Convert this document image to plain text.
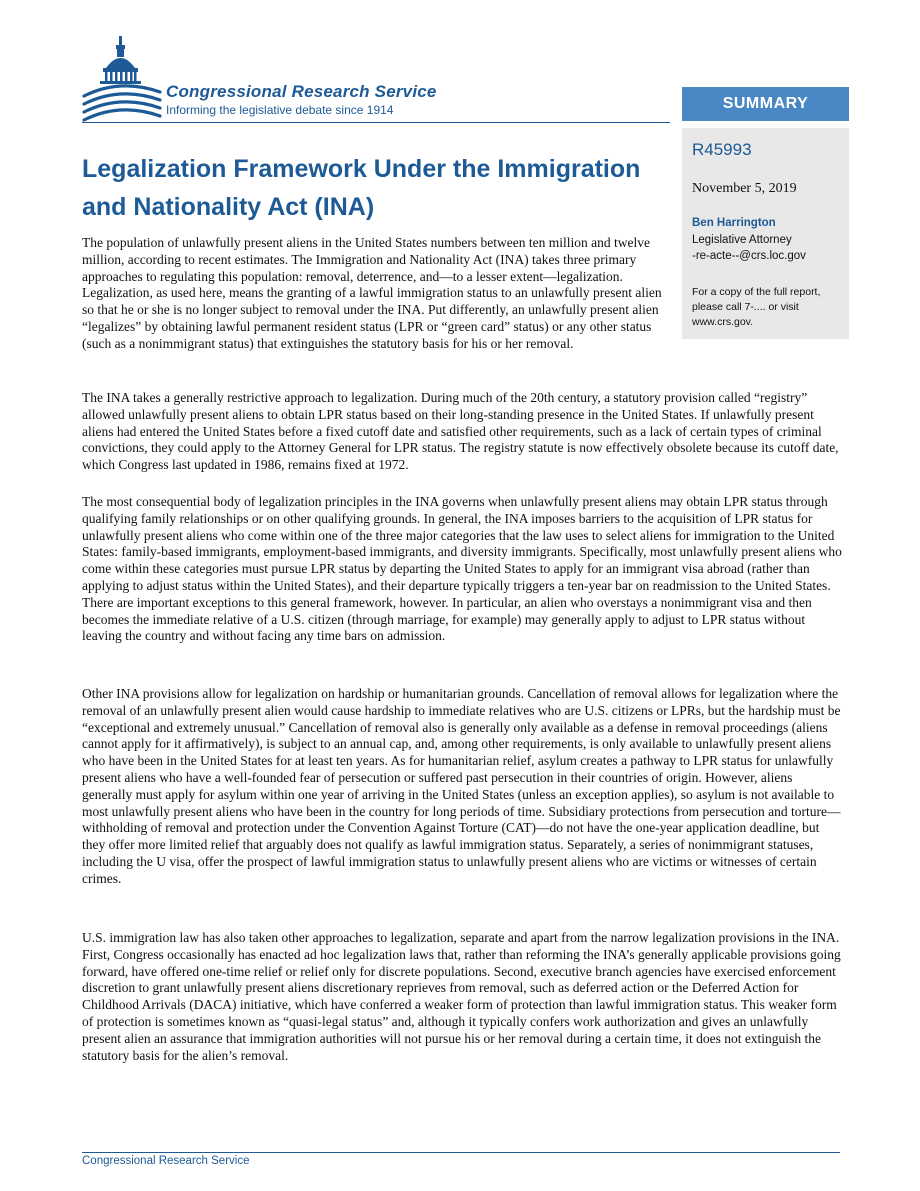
Congressional Research Service
Informing the legislative debate since 1914	SUMMARY
R45993
November 5, 2019
Ben Harrington
Legislative Attorney
-re-acte--@crs.loc.gov
For a copy of the full report, please call 7-.... or visit www.crs.gov.
Legalization Framework Under the Immigration and Nationality Act (INA)

The population of unlawfully present aliens in the United States numbers between ten million and twelve million, according to recent estimates. The Immigration and Nationality Act (INA) takes three primary approaches to regulating this population: removal, deterrence, and—to a lesser extent—legalization. Legalization, as used here, means the granting of a lawful immigration status to an unlawfully present alien so that he or she is no longer subject to removal under the INA. Put differently, an unlawfully present alien “legalizes” by obtaining lawful permanent resident status (LPR or “green card” status) or any other status (such as a nonimmigrant status) that extinguishes the statutory basis for his or her removal.

The INA takes a generally restrictive approach to legalization. During much of the 20th century, a statutory provision called “registry” allowed unlawfully present aliens to obtain LPR status based on their long-standing presence in the United States. If unlawfully present aliens had entered the United States before a fixed cutoff date and satisfied other requirements, such as a lack of certain types of criminal convictions, they could apply to the Attorney General for LPR status. The registry statute is now effectively obsolete because its cutoff date, which Congress last updated in 1986, remains fixed at 1972.

The most consequential body of legalization principles in the INA governs when unlawfully present aliens may obtain LPR status through qualifying family relationships or on other qualifying grounds. In general, the INA imposes barriers to the acquisition of LPR status for unlawfully present aliens who come within one of the three major categories that the law uses to select aliens for immigration to the United States: family-based immigrants, employment-based immigrants, and diversity immigrants. Specifically, most unlawfully present aliens who come within these categories must pursue LPR status by departing the United States to apply for an immigrant visa abroad (rather than applying to adjust status within the United States), and their departure typically triggers a ten-year bar on readmission to the United States. There are important exceptions to this general framework, however. In particular, an alien who overstays a nonimmigrant visa and then becomes the immediate relative of a U.S. citizen (through marriage, for example) may generally apply to adjust to LPR status without leaving the country and without facing any time bars on admission.

Other INA provisions allow for legalization on hardship or humanitarian grounds. Cancellation of removal allows for legalization where the removal of an unlawfully present alien would cause hardship to immediate relatives who are U.S. citizens or LPRs, but the hardship must be “exceptional and extremely unusual.” Cancellation of removal also is generally only available as a defense in removal proceedings (aliens cannot apply for it affirmatively), is subject to an annual cap, and, among other requirements, is only available to unlawfully present aliens who have been in the United States for at least ten years. As for humanitarian relief, asylum creates a pathway to LPR status for unlawfully present aliens who have a well-founded fear of persecution or suffered past persecution in their countries of origin. However, aliens generally must apply for asylum within one year of arriving in the United States (unless an exception applies), so asylum is not available to most unlawfully present aliens who have been in the country for long periods of time. Subsidiary protections from persecution and torture—withholding of removal and protection under the Convention Against Torture (CAT)—do not have the one-year application deadline, but they offer more limited relief that arguably does not qualify as lawful immigration status. Separately, a series of nonimmigrant statuses, including the U visa, offer the prospect of lawful immigration status to unlawfully present aliens who are victims or witnesses of certain crimes.

U.S. immigration law has also taken other approaches to legalization, separate and apart from the narrow legalization provisions in the INA. First, Congress occasionally has enacted ad hoc legalization laws that, rather than reforming the INA’s generally applicable provisions going forward, have offered one-time relief or relief only for discrete populations. Second, executive branch agencies have exercised enforcement discretion to grant unlawfully present aliens discretionary reprieves from removal, such as deferred action or the Deferred Action for Childhood Arrivals (DACA) initiative, which have conferred a weaker form of protection than lawful immigration status. This weaker form of protection is sometimes known as “quasi-legal status” and, although it typically confers work authorization and gives an unlawfully present alien an assurance that immigration authorities will not pursue his or her removal during a certain time, it does not extinguish the statutory basis for the alien’s removal.

Congressional Research Service
